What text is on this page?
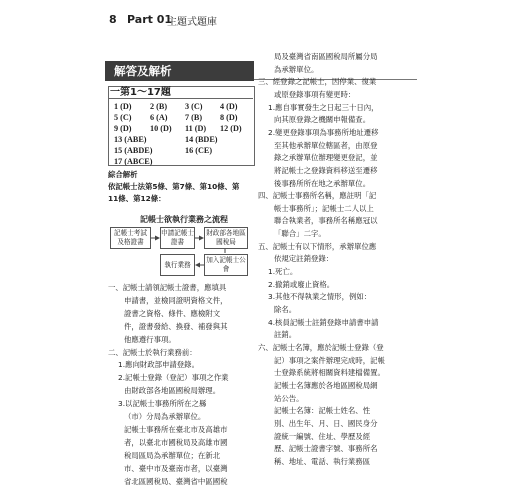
8 Part 01
主題式題庫
解答及解析
一第1～17題
1 (D) 2 (B) 3 (C) 4 (D)
5 (C) 6 (A) 7 (B) 8 (D)
9 (D) 10 (D) 11 (D) 12 (D)
13 (ABE)	14 (BDE)
15 (ABDE)	16 (CE)
17 (ABCE)
綜合解析
依記帳士法第5條、第7條、第10條、第
11條、第12條：
記帳士欲執行業務之流程
記帳士考試及格證書
申請記帳士證書
財政部各地區國稅局
執行業務
加入記帳士公會
一、記帳士請領記帳士證書，應填具
申請書，並檢同證明資格文件，
證書之資格、條件、應檢附文
件，證書發給、換發、補發與其
他應遵行事項。
二、記帳士於執行業務前：
1.應向財政部申請登錄。
2.記帳士登錄（登記）事項之作業
由財政部各地區國稅局辦理。
3.以記帳士事務所所在之縣
（市）分局為承辦單位。
記帳士事務所在臺北市及高雄市
者，以臺北市國稅局及高雄市國
稅局區局為承辦單位；在新北
市、臺中市及臺南市者，以臺灣
省北區國稅局、臺灣省中區國稅
局及臺灣省南區國稅局所屬分局
為承辦單位。
三、經登錄之記帳士，因停業、復業
或原登錄事項有變更時：
1.應自事實發生之日起三十日內，
向其原登錄之機關申報備查。
2.變更登錄事項為事務所地址遷移
至其他承辦單位轄區者，由原登
錄之承辦單位辦理變更登記，並
將記帳士之登錄資料移送至遷移
後事務所所在地之承辦單位。
四、記帳士事務所名稱，應註明「記
帳士事務所」；記帳士二人以上
聯合執業者，事務所名稱應冠以
「聯合」二字。
五、記帳士有以下情形，承辦單位應
依規定註銷登錄：
1.死亡。
2.撤銷或廢止資格。
3.其他不得執業之情形，例如：
除名。
4.核員記帳士註銷登錄申請書申請
註銷。
六、記帳士名簿，應於記帳士登錄（登
記）事項之案件辦理完成時，記帳
士登錄系統將相關資料建檔備置。
記帳士名簿應於各地區國稅局網
站公告。
記帳士名簿：記帳士姓名、性
別、出生年、月、日、國民身分
證統一編號、住址、學歷及經
歷、記帳士證書字號、事務所名
稱、地址、電話、執行業務區
